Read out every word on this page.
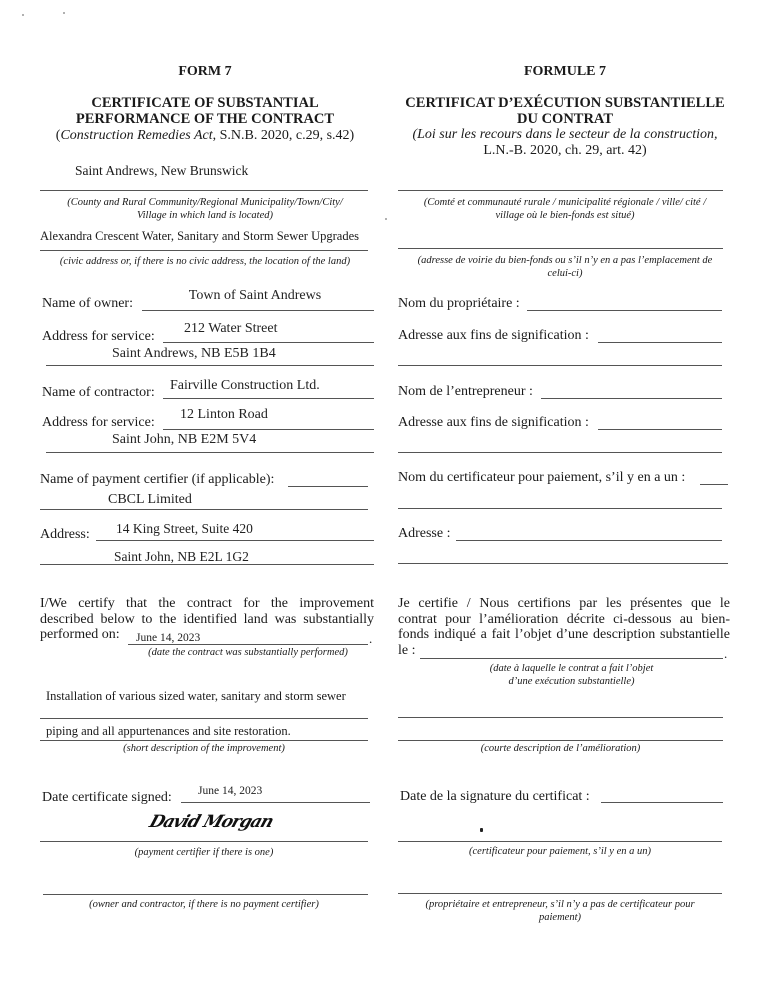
FORM 7
CERTIFICATE OF SUBSTANTIAL
PERFORMANCE OF THE CONTRACT
(Construction Remedies Act, S.N.B. 2020, c.29, s.42)
Saint Andrews, New Brunswick
(County and Rural Community/Regional Municipality/Town/City/
Village in which land is located)
Alexandra Crescent Water, Sanitary and Storm Sewer Upgrades
(civic address or, if there is no civic address, the location of the land)
Name of owner:
Town of Saint Andrews
Address for service:
212 Water Street
Saint Andrews, NB E5B 1B4
Name of contractor: Fairville Construction Ltd.
Address for service:
12 Linton Road
Saint John, NB E2M 5V4
Name of payment certifier (if applicable):
CBCL Limited
Address: 14 King Street, Suite 420
Saint John, NB E2L 1G2
I/We certify that the contract for the improvement
described below to the identified land was substantially
performed on:	June 14, 2023	.
(date the contract was substantially performed)
Installation of various sized water, sanitary and storm sewer
piping and all appurtenances and site restoration.
(short description of the improvement)
Date certificate signed: June 14, 2023
David Morgan
(payment certifier if there is one)
(owner and contractor, if there is no payment certifier)
FORMULE 7
CERTIFICAT D’EXÉCUTION SUBSTANTIELLE
DU CONTRAT
(Loi sur les recours dans le secteur de la construction,
L.N.-B. 2020, ch. 29, art. 42)
(Comté et communauté rurale / municipalité régionale / ville/ cité /
village où le bien-fonds est situé)
(adresse de voirie du bien-fonds ou s’il n’y en a pas l’emplacement de
celui-ci)
Nom du propriétaire :
Adresse aux fins de signification :
Nom de l’entrepreneur :
Adresse aux fins de signification :
Nom du certificateur pour paiement, s’il y en a un :
Adresse :
Je certifie / Nous certifions par les présentes que le
contrat pour l’amélioration décrite ci-dessous au bien-
fonds indiqué a fait l’objet d’une description substantielle
le :	.
(date à laquelle le contrat a fait l’objet
d’une exécution substantielle)
(courte description de l’amélioration)
Date de la signature du certificat :
(certificateur pour paiement, s’il y en a un)
(propriétaire et entrepreneur, s’il n’y a pas de certificateur pour
paiement)
